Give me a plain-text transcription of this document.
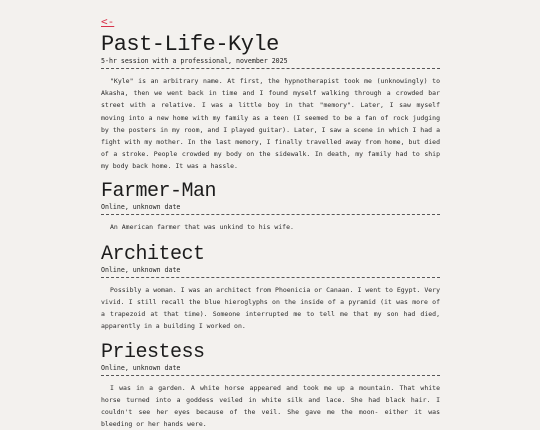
<-
Past-Life-Kyle
5-hr session with a professional, november 2025

"Kyle" is an arbitrary name. At first, the hypnotherapist took me (unknowingly) to Akasha, then we went back in time and I found myself walking through a crowded bar street with a relative. I was a little boy in that "memory". Later, I saw myself moving into a new home with my family as a teen (I seemed to be a fan of rock judging by the posters in my room, and I played guitar). Later, I saw a scene in which I had a fight with my mother. In the last memory, I finally travelled away from home, but died of a stroke. People crowded my body on the sidewalk. In death, my family had to ship my body back home. It was a hassle.

Farmer-Man
Online, unknown date

An American farmer that was unkind to his wife.

Architect
Online, unknown date

Possibly a woman. I was an architect from Phoenicia or Canaan. I went to Egypt. Very vivid. I still recall the blue hieroglyphs on the inside of a pyramid (it was more of a trapezoid at that time). Someone interrupted me to tell me that my son had died, apparently in a building I worked on.

Priestess
Online, unknown date

I was in a garden. A white horse appeared and took me up a mountain. That white horse turned into a goddess veiled in white silk and lace. She had black hair. I couldn't see her eyes because of the veil. She gave me the moon- either it was bleeding or her hands were.
